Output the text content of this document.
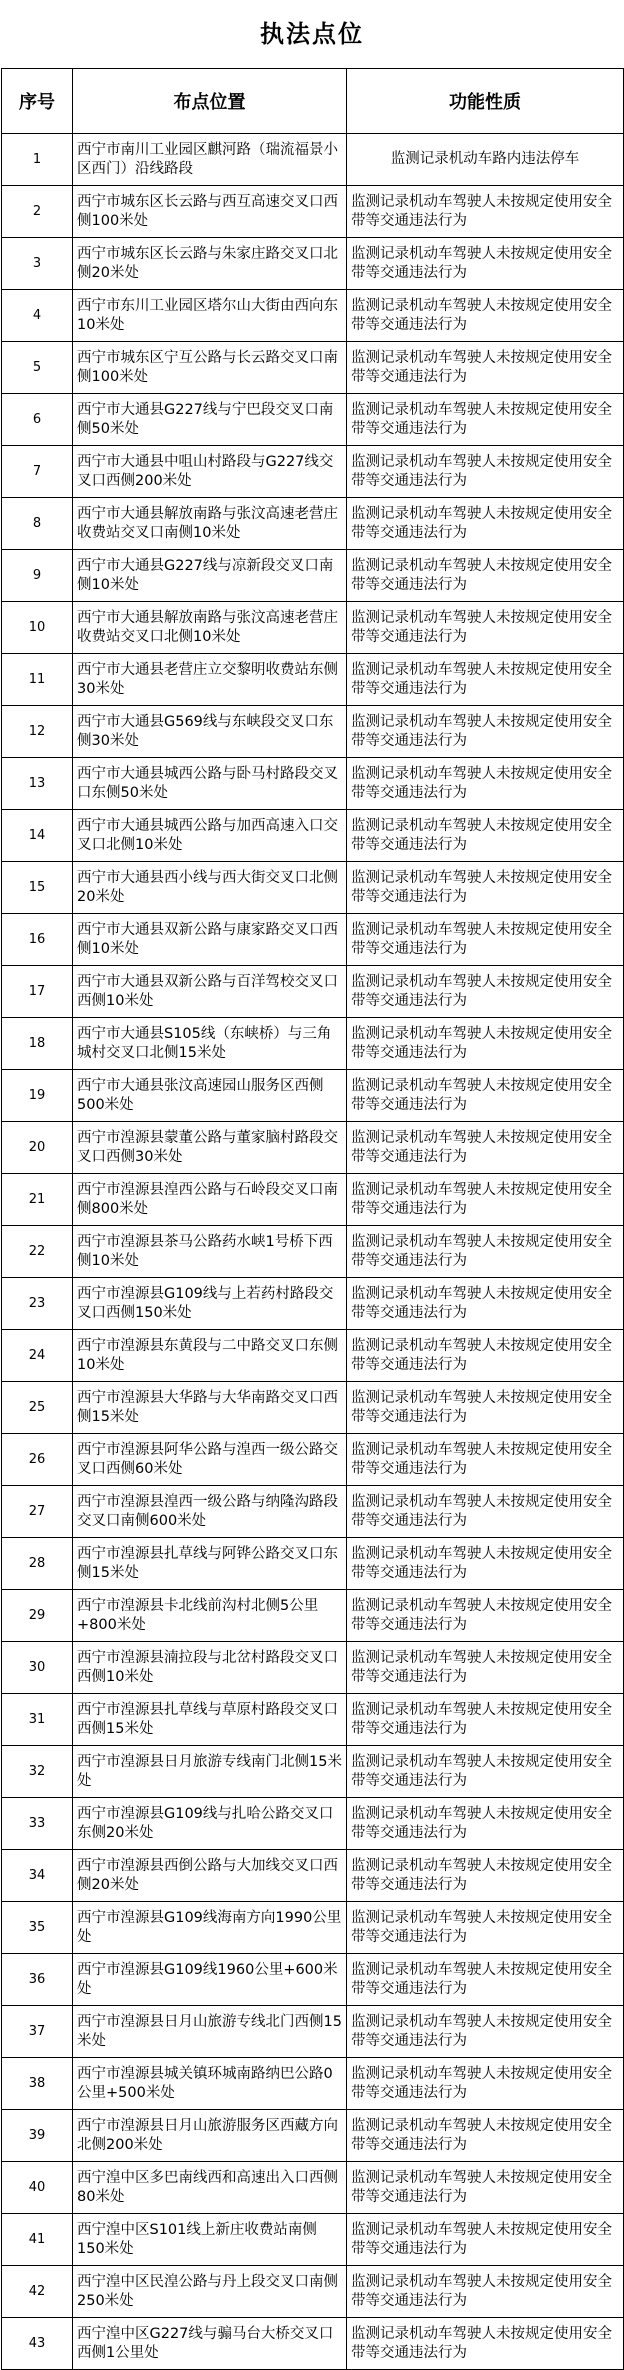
执法点位
序号	布点位置	功能性质
1	西宁市南川工业园区麒河路（瑞流福景小区西门）沿线路段	监测记录机动车路内违法停车
2	西宁市城东区长云路与西互高速交叉口西侧100米处	监测记录机动车驾驶人未按规定使用安全带等交通违法行为
3	西宁市城东区长云路与朱家庄路交叉口北侧20米处	监测记录机动车驾驶人未按规定使用安全带等交通违法行为
4	西宁市东川工业园区塔尔山大街由西向东10米处	监测记录机动车驾驶人未按规定使用安全带等交通违法行为
5	西宁市城东区宁互公路与长云路交叉口南侧100米处	监测记录机动车驾驶人未按规定使用安全带等交通违法行为
6	西宁市大通县G227线与宁巴段交叉口南侧50米处	监测记录机动车驾驶人未按规定使用安全带等交通违法行为
7	西宁市大通县中咀山村路段与G227线交叉口西侧200米处	监测记录机动车驾驶人未按规定使用安全带等交通违法行为
8	西宁市大通县解放南路与张汶高速老营庄收费站交叉口南侧10米处	监测记录机动车驾驶人未按规定使用安全带等交通违法行为
9	西宁市大通县G227线与凉新段交叉口南侧10米处	监测记录机动车驾驶人未按规定使用安全带等交通违法行为
10	西宁市大通县解放南路与张汶高速老营庄收费站交叉口北侧10米处	监测记录机动车驾驶人未按规定使用安全带等交通违法行为
11	西宁市大通县老营庄立交黎明收费站东侧30米处	监测记录机动车驾驶人未按规定使用安全带等交通违法行为
12	西宁市大通县G569线与东峡段交叉口东侧30米处	监测记录机动车驾驶人未按规定使用安全带等交通违法行为
13	西宁市大通县城西公路与卧马村路段交叉口东侧50米处	监测记录机动车驾驶人未按规定使用安全带等交通违法行为
14	西宁市大通县城西公路与加西高速入口交叉口北侧10米处	监测记录机动车驾驶人未按规定使用安全带等交通违法行为
15	西宁市大通县西小线与西大街交叉口北侧20米处	监测记录机动车驾驶人未按规定使用安全带等交通违法行为
16	西宁市大通县双新公路与康家路交叉口西侧10米处	监测记录机动车驾驶人未按规定使用安全带等交通违法行为
17	西宁市大通县双新公路与百洋驾校交叉口西侧10米处	监测记录机动车驾驶人未按规定使用安全带等交通违法行为
18	西宁市大通县S105线（东峡桥）与三角城村交叉口北侧15米处	监测记录机动车驾驶人未按规定使用安全带等交通违法行为
19	西宁市大通县张汶高速园山服务区西侧500米处	监测记录机动车驾驶人未按规定使用安全带等交通违法行为
20	西宁市湟源县蒙董公路与董家脑村路段交叉口西侧30米处	监测记录机动车驾驶人未按规定使用安全带等交通违法行为
21	西宁市湟源县湟西公路与石岭段交叉口南侧800米处	监测记录机动车驾驶人未按规定使用安全带等交通违法行为
22	西宁市湟源县茶马公路药水峡1号桥下西侧10米处	监测记录机动车驾驶人未按规定使用安全带等交通违法行为
23	西宁市湟源县G109线与上若药村路段交叉口西侧150米处	监测记录机动车驾驶人未按规定使用安全带等交通违法行为
24	西宁市湟源县东黄段与二中路交叉口东侧10米处	监测记录机动车驾驶人未按规定使用安全带等交通违法行为
25	西宁市湟源县大华路与大华南路交叉口西侧15米处	监测记录机动车驾驶人未按规定使用安全带等交通违法行为
26	西宁市湟源县阿华公路与湟西一级公路交叉口西侧60米处	监测记录机动车驾驶人未按规定使用安全带等交通违法行为
27	西宁市湟源县湟西一级公路与纳隆沟路段交叉口南侧600米处	监测记录机动车驾驶人未按规定使用安全带等交通违法行为
28	西宁市湟源县扎草线与阿铧公路交叉口东侧15米处	监测记录机动车驾驶人未按规定使用安全带等交通违法行为
29	西宁市湟源县卡北线前沟村北侧5公里+800米处	监测记录机动车驾驶人未按规定使用安全带等交通违法行为
30	西宁市湟源县湳拉段与北岔村路段交叉口西侧10米处	监测记录机动车驾驶人未按规定使用安全带等交通违法行为
31	西宁市湟源县扎草线与草原村路段交叉口西侧15米处	监测记录机动车驾驶人未按规定使用安全带等交通违法行为
32	西宁市湟源县日月旅游专线南门北侧15米处	监测记录机动车驾驶人未按规定使用安全带等交通违法行为
33	西宁市湟源县G109线与扎哈公路交叉口东侧20米处	监测记录机动车驾驶人未按规定使用安全带等交通违法行为
34	西宁市湟源县西倒公路与大加线交叉口西侧20米处	监测记录机动车驾驶人未按规定使用安全带等交通违法行为
35	西宁市湟源县G109线海南方向1990公里处	监测记录机动车驾驶人未按规定使用安全带等交通违法行为
36	西宁市湟源县G109线1960公里+600米处	监测记录机动车驾驶人未按规定使用安全带等交通违法行为
37	西宁市湟源县日月山旅游专线北门西侧15米处	监测记录机动车驾驶人未按规定使用安全带等交通违法行为
38	西宁市湟源县城关镇环城南路纳巴公路0公里+500米处	监测记录机动车驾驶人未按规定使用安全带等交通违法行为
39	西宁市湟源县日月山旅游服务区西藏方向北侧200米处	监测记录机动车驾驶人未按规定使用安全带等交通违法行为
40	西宁湟中区多巴南线西和高速出入口西侧80米处	监测记录机动车驾驶人未按规定使用安全带等交通违法行为
41	西宁湟中区S101线上新庄收费站南侧150米处	监测记录机动车驾驶人未按规定使用安全带等交通违法行为
42	西宁湟中区民湟公路与丹上段交叉口南侧250米处	监测记录机动车驾驶人未按规定使用安全带等交通违法行为
43	西宁湟中区G227线与骟马台大桥交叉口西侧1公里处	监测记录机动车驾驶人未按规定使用安全带等交通违法行为
